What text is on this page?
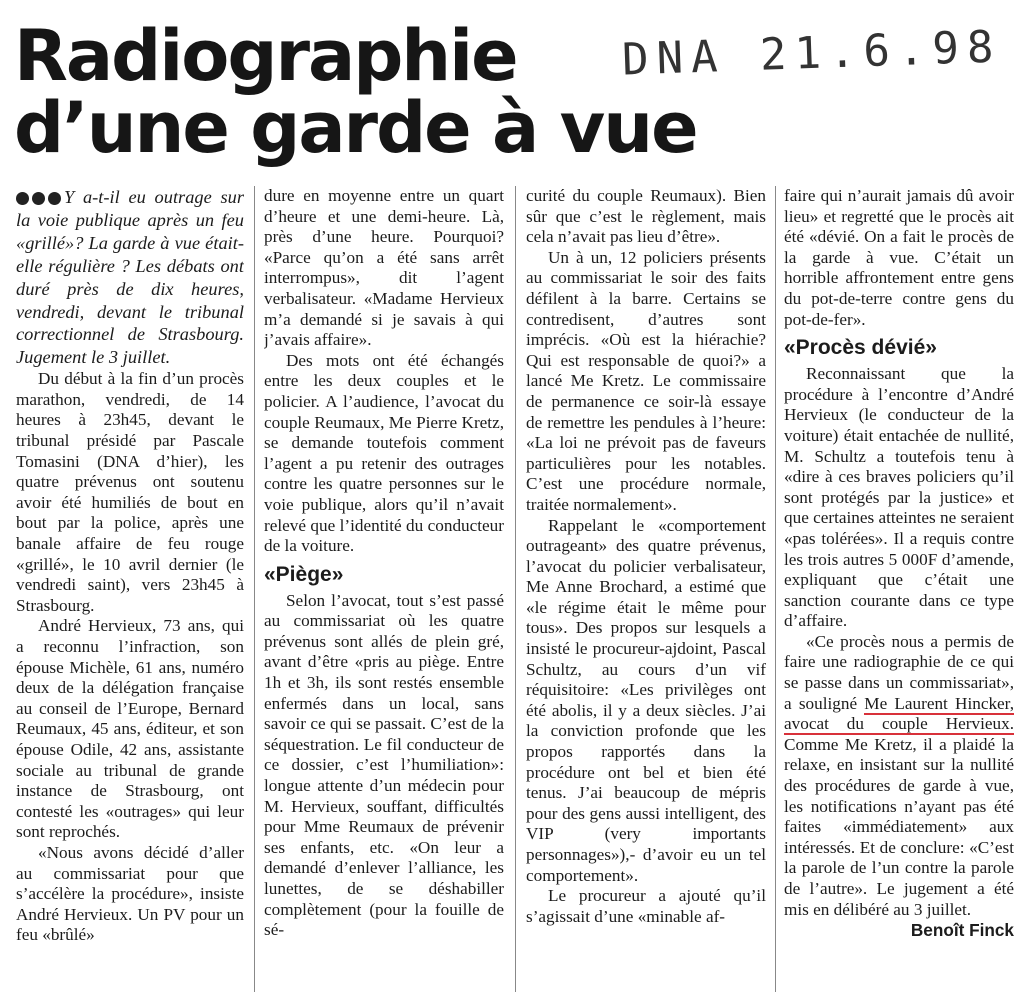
Radiographie
d’une garde à vue
DNA 21.6.98

Y a-t-il eu outrage sur la voie publique après un feu «grillé»? La garde à vue était-elle régulière ? Les débats ont duré près de dix heures, vendredi, devant le tribunal correctionnel de Strasbourg. Jugement le 3 juillet.

Du début à la fin d’un procès marathon, vendredi, de 14 heures à 23h45, devant le tribunal présidé par Pascale Tomasini (DNA d’hier), les quatre prévenus ont soutenu avoir été humiliés de bout en bout par la police, après une banale affaire de feu rouge «grillé», le 10 avril dernier (le vendredi saint), vers 23h45 à Strasbourg.

André Hervieux, 73 ans, qui a reconnu l’infraction, son épouse Michèle, 61 ans, numéro deux de la délégation française au conseil de l’Europe, Bernard Reumaux, 45 ans, éditeur, et son épouse Odile, 42 ans, assistante sociale au tribunal de grande instance de Strasbourg, ont contesté les «outrages» qui leur sont reprochés.

«Nous avons décidé d’aller au commissariat pour que s’accélère la procédure», insiste André Hervieux. Un PV pour un feu «brûlé»

dure en moyenne entre un quart d’heure et une demi-heure. Là, près d’une heure. Pourquoi? «Parce qu’on a été sans arrêt interrompus», dit l’agent verbalisateur. «Madame Hervieux m’a demandé si je savais à qui j’avais affaire».

Des mots ont été échangés entre les deux couples et le policier. A l’audience, l’avocat du couple Reumaux, Me Pierre Kretz, se demande toutefois comment l’agent a pu retenir des outrages contre les quatre personnes sur le voie publique, alors qu’il n’avait relevé que l’identité du conducteur de la voiture.

«Piège»

Selon l’avocat, tout s’est passé au commissariat où les quatre prévenus sont allés de plein gré, avant d’être «pris au piège. Entre 1h et 3h, ils sont restés ensemble enfermés dans un local, sans savoir ce qui se passait. C’est de la séquestration. Le fil conducteur de ce dossier, c’est l’humiliation»: longue attente d’un médecin pour M. Hervieux, souffant, difficultés pour Mme Reumaux de prévenir ses enfants, etc. «On leur a demandé d’enlever l’alliance, les lunettes, de se déshabiller complètement (pour la fouille de sé-

curité du couple Reumaux). Bien sûr que c’est le règlement, mais cela n’avait pas lieu d’être».

Un à un, 12 policiers présents au commissariat le soir des faits défilent à la barre. Certains se contredisent, d’autres sont imprécis. «Où est la hiérachie? Qui est responsable de quoi?» a lancé Me Kretz. Le commissaire de permanence ce soir-là essaye de remettre les pendules à l’heure: «La loi ne prévoit pas de faveurs particulières pour les notables. C’est une procédure normale, traitée normalement».

Rappelant le «comportement outrageant» des quatre prévenus, l’avocat du policier verbalisateur, Me Anne Brochard, a estimé que «le régime était le même pour tous». Des propos sur lesquels a insisté le procureur-ajdoint, Pascal Schultz, au cours d’un vif réquisitoire: «Les privilèges ont été abolis, il y a deux siècles. J’ai la conviction profonde que les propos rapportés dans la procédure ont bel et bien été tenus. J’ai beaucoup de mépris pour des gens aussi intelligent, des VIP (very importants personnages»),- d’avoir eu un tel comportement».

Le procureur a ajouté qu’il s’agissait d’une «minable af-

faire qui n’aurait jamais dû avoir lieu» et regretté que le procès ait été «dévié. On a fait le procès de la garde à vue. C’était un horrible affrontement entre gens du pot-de-terre contre gens du pot-de-fer».

«Procès dévié»

Reconnaissant que la procédure à l’encontre d’André Hervieux (le conducteur de la voiture) était entachée de nullité, M. Schultz a toutefois tenu à «dire à ces braves policiers qu’il sont protégés par la justice» et que certaines atteintes ne seraient «pas tolérées». Il a requis contre les trois autres 5 000F d’amende, expliquant que c’était une sanction courante dans ce type d’affaire.

«Ce procès nous a permis de faire une radiographie de ce qui se passe dans un commissariat», a souligné Me Laurent Hincker, avocat du couple Hervieux. Comme Me Kretz, il a plaidé la relaxe, en insistant sur la nullité des procédures de garde à vue, les notifications n’ayant pas été faites «immédiatement» aux intéressés. Et de conclure: «C’est la parole de l’un contre la parole de l’autre». Le jugement a été mis en délibéré au 3 juillet.
Benoît Finck
